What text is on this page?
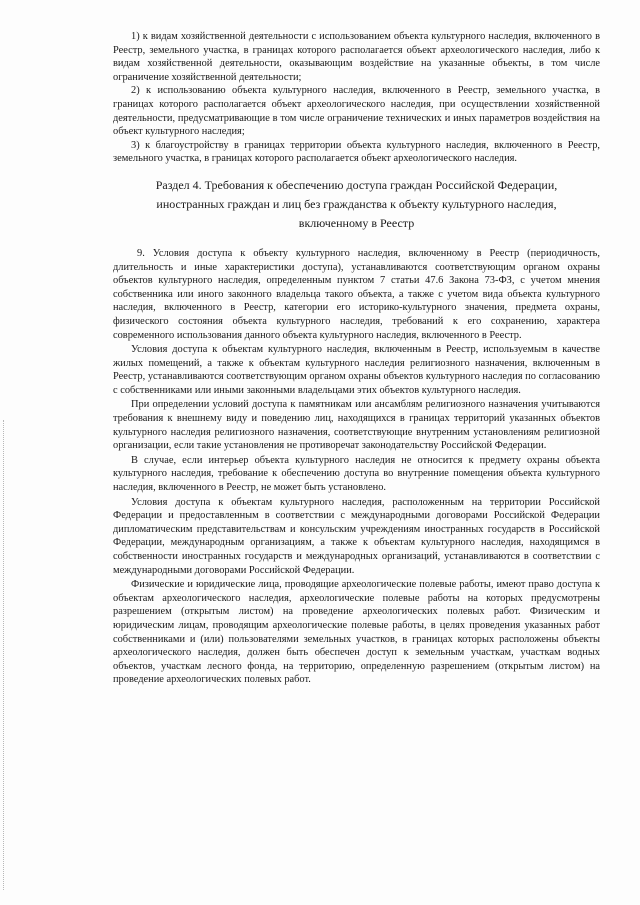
1) к видам хозяйственной деятельности с использованием объекта культурного наследия, включенного в Реестр, земельного участка, в границах которого располагается объект археологического наследия, либо к видам хозяйственной деятельности, оказывающим воздействие на указанные объекты, в том числе ограничение хозяйственной деятельности;

2) к использованию объекта культурного наследия, включенного в Реестр, земельного участка, в границах которого располагается объект археологического наследия, при осуществлении хозяйственной деятельности, предусматривающие в том числе ограничение технических и иных параметров воздействия на объект культурного наследия;

3) к благоустройству в границах территории объекта культурного наследия, включенного в Реестр, земельного участка, в границах которого располагается объект археологического наследия.

Раздел 4. Требования к обеспечению доступа граждан Российской Федерации,
иностранных граждан и лиц без гражданства к объекту культурного наследия,
включенному в Реестр

9. Условия доступа к объекту культурного наследия, включенному в Реестр (периодичность, длительность и иные характеристики доступа), устанавливаются соответствующим органом охраны объектов культурного наследия, определенным пунктом 7 статьи 47.6 Закона 73-ФЗ, с учетом мнения собственника или иного законного владельца такого объекта, а также с учетом вида объекта культурного наследия, включенного в Реестр, категории его историко-культурного значения, предмета охраны, физического состояния объекта культурного наследия, требований к его сохранению, характера современного использования данного объекта культурного наследия, включенного в Реестр.

Условия доступа к объектам культурного наследия, включенным в Реестр, используемым в качестве жилых помещений, а также к объектам культурного наследия религиозного назначения, включенным в Реестр, устанавливаются соответствующим органом охраны объектов культурного наследия по согласованию с собственниками или иными законными владельцами этих объектов культурного наследия.

При определении условий доступа к памятникам или ансамблям религиозного назначения учитываются требования к внешнему виду и поведению лиц, находящихся в границах территорий указанных объектов культурного наследия религиозного назначения, соответствующие внутренним установлениям религиозной организации, если такие установления не противоречат законодательству Российской Федерации.

В случае, если интерьер объекта культурного наследия не относится к предмету охраны объекта культурного наследия, требование к обеспечению доступа во внутренние помещения объекта культурного наследия, включенного в Реестр, не может быть установлено.

Условия доступа к объектам культурного наследия, расположенным на территории Российской Федерации и предоставленным в соответствии с международными договорами Российской Федерации дипломатическим представительствам и консульским учреждениям иностранных государств в Российской Федерации, международным организациям, а также к объектам культурного наследия, находящимся в собственности иностранных государств и международных организаций, устанавливаются в соответствии с международными договорами Российской Федерации.

Физические и юридические лица, проводящие археологические полевые работы, имеют право доступа к объектам археологического наследия, археологические полевые работы на которых предусмотрены разрешением (открытым листом) на проведение археологических полевых работ. Физическим и юридическим лицам, проводящим археологические полевые работы, в целях проведения указанных работ собственниками и (или) пользователями земельных участков, в границах которых расположены объекты археологического наследия, должен быть обеспечен доступ к земельным участкам, участкам водных объектов, участкам лесного фонда, на территорию, определенную разрешением (открытым листом) на проведение археологических полевых работ.
